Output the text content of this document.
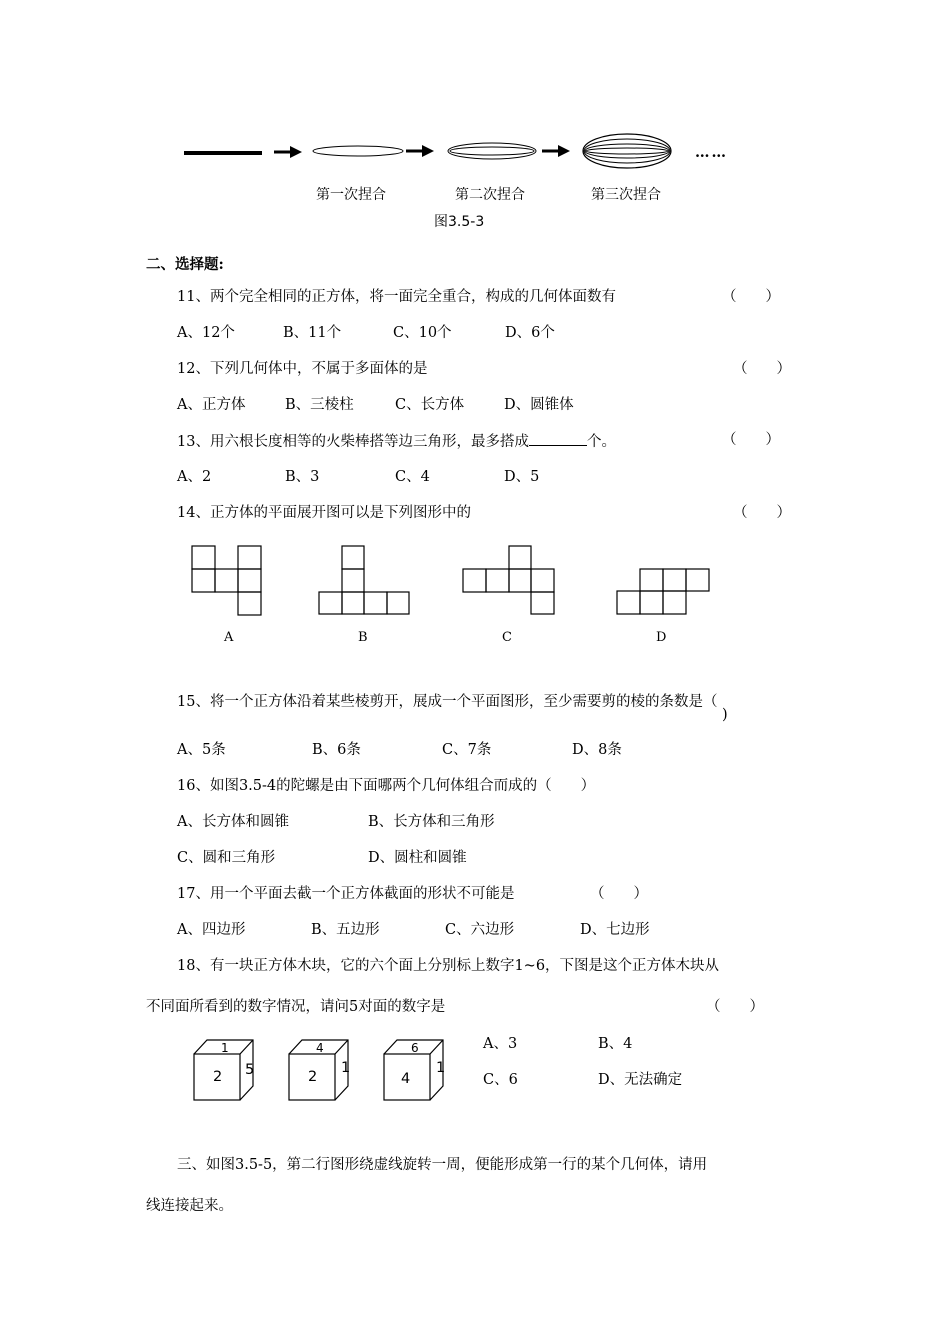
……
第一次捏合	第二次捏合	第三次捏合
图3.5-3
二、选择题:
11、两个完全相同的正方体，将一面完全重合，构成的几何体面数有	（　　）
A、12个	B、11个	C、10个	D、6个
12、下列几何体中，不属于多面体的是	（　　）
A、正方体	B、三棱柱	C、长方体	D、圆锥体
13、用六根长度相等的火柴棒搭等边三角形，最多搭成	个。	（　　）
A、2	B、3	C、4	D、5
14、正方体的平面展开图可以是下列图形中的	（　　）
A	B	C	D
15、将一个正方体沿着某些棱剪开，展成一个平面图形，至少需要剪的棱的条数是（
)
A、5条	B、6条	C、7条	D、8条
16、如图3.5-4的陀螺是由下面哪两个几何体组合而成的（　　）
A、长方体和圆锥	B、长方体和三角形
C、圆和三角形	D、圆柱和圆锥
17、用一个平面去截一个正方体截面的形状不可能是	（　　）
A、四边形	B、五边形	C、六边形	D、七边形
18、有一块正方体木块，它的六个面上分别标上数字1~6，下图是这个正方体木块从
不同面所看到的数字情况，请问5对面的数字是	（　　）
1
2 5
4
2
1
6
4
1
A、3	B、4
C、6	D、无法确定
三、如图3.5-5，第二行图形绕虚线旋转一周，便能形成第一行的某个几何体，请用
线连接起来。
